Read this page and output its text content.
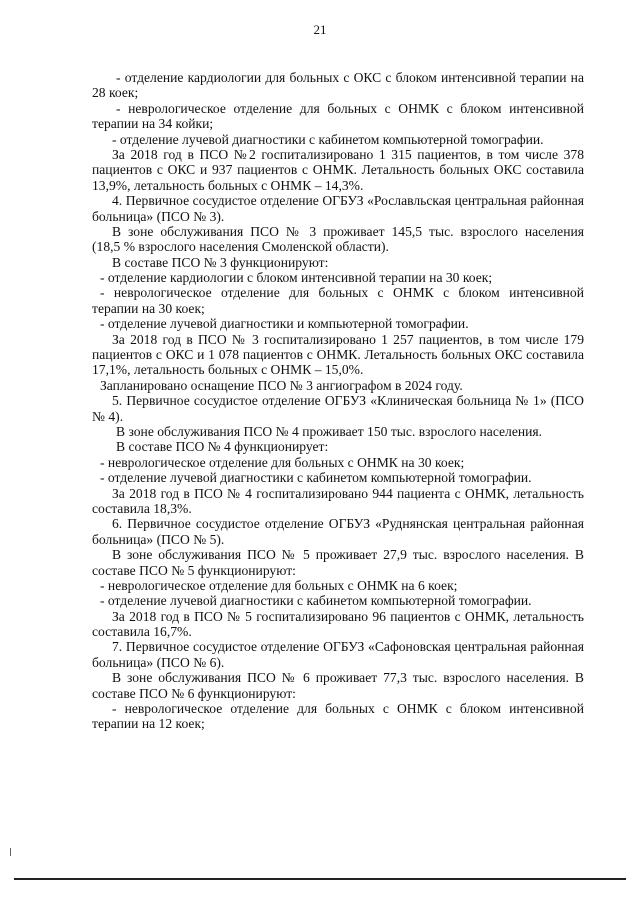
21
- отделение кардиологии для больных с ОКС с блоком интенсивной терапии на
28 коек;
- неврологическое отделение для больных с ОНМК с блоком интенсивной
терапии на 34 койки;
- отделение лучевой диагностики с кабинетом компьютерной томографии.
За 2018 год в ПСО №2 госпитализировано 1 315 пациентов, в том числе 378
пациентов с ОКС и 937 пациентов с ОНМК. Летальность больных ОКС составила
13,9%, летальность больных с ОНМК – 14,3%.
4. Первичное сосудистое отделение ОГБУЗ «Рославльская центральная районная
больница» (ПСО № 3).
В зоне обслуживания ПСО № 3 проживает 145,5 тыс. взрослого населения
(18,5 % взрослого населения Смоленской области).
В составе ПСО № 3 функционируют:
- отделение кардиологии с блоком интенсивной терапии на 30 коек;
- неврологическое отделение для больных с ОНМК с блоком интенсивной
терапии на 30 коек;
- отделение лучевой диагностики и компьютерной томографии.
За 2018 год в ПСО № 3 госпитализировано 1 257 пациентов, в том числе 179
пациентов с ОКС и 1 078 пациентов с ОНМК. Летальность больных ОКС составила
17,1%, летальность больных с ОНМК – 15,0%.
Запланировано оснащение ПСО № 3 ангиографом в 2024 году.
5. Первичное сосудистое отделение ОГБУЗ «Клиническая больница № 1» (ПСО
№ 4).
В зоне обслуживания ПСО № 4 проживает 150 тыс. взрослого населения.
В составе ПСО № 4 функционирует:
- неврологическое отделение для больных с ОНМК на 30 коек;
- отделение лучевой диагностики с кабинетом компьютерной томографии.
За 2018 год в ПСО № 4 госпитализировано 944 пациента с ОНМК, летальность
составила 18,3%.
6. Первичное сосудистое отделение ОГБУЗ «Руднянская центральная районная
больница» (ПСО № 5).
В зоне обслуживания ПСО № 5 проживает 27,9 тыс. взрослого населения. В
составе ПСО № 5 функционируют:
- неврологическое отделение для больных с ОНМК на 6 коек;
- отделение лучевой диагностики с кабинетом компьютерной томографии.
За 2018 год в ПСО № 5 госпитализировано 96 пациентов с ОНМК, летальность
составила 16,7%.
7. Первичное сосудистое отделение ОГБУЗ «Сафоновская центральная районная
больница» (ПСО № 6).
В зоне обслуживания ПСО № 6 проживает 77,3 тыс. взрослого населения. В
составе ПСО № 6 функционируют:
- неврологическое отделение для больных с ОНМК с блоком интенсивной
терапии на 12 коек;
